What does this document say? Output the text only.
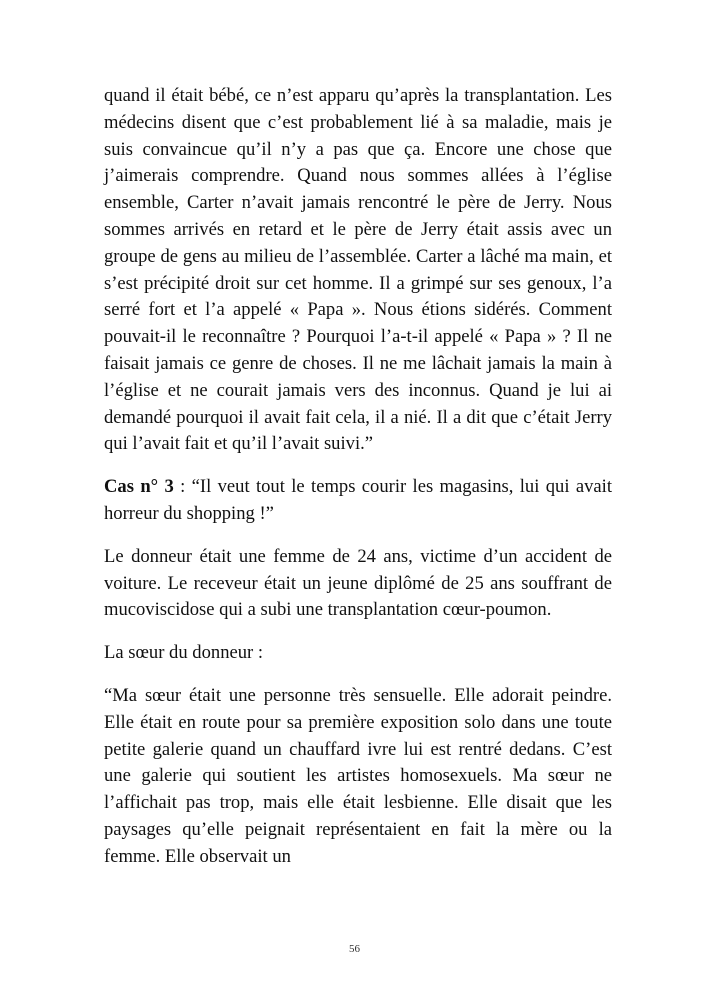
quand il était bébé, ce n’est apparu qu’après la transplantation. Les médecins disent que c’est probablement lié à sa maladie, mais je suis convaincue qu’il n’y a pas que ça. Encore une chose que j’aimerais comprendre. Quand nous sommes allées à l’église ensemble, Carter n’avait jamais rencontré le père de Jerry. Nous sommes arrivés en retard et le père de Jerry était assis avec un groupe de gens au milieu de l’assemblée. Carter a lâché ma main, et s’est précipité droit sur cet homme. Il a grimpé sur ses genoux, l’a serré fort et l’a appelé « Papa ». Nous étions sidérés. Comment pouvait-il le reconnaître ? Pourquoi l’a-t-il appelé « Papa » ? Il ne faisait jamais ce genre de choses. Il ne me lâchait jamais la main à l’église et ne courait jamais vers des inconnus. Quand je lui ai demandé pourquoi il avait fait cela, il a nié. Il a dit que c’était Jerry qui l’avait fait et qu’il l’avait suivi.”

Cas n° 3 : “Il veut tout le temps courir les magasins, lui qui avait horreur du shopping !”

Le donneur était une femme de 24 ans, victime d’un accident de voiture. Le receveur était un jeune diplômé de 25 ans souffrant de mucoviscidose qui a subi une transplantation cœur-poumon.

La sœur du donneur :

“Ma sœur était une personne très sensuelle. Elle adorait peindre. Elle était en route pour sa première exposition solo dans une toute petite galerie quand un chauffard ivre lui est rentré dedans. C’est une galerie qui soutient les artistes homosexuels. Ma sœur ne l’affichait pas trop, mais elle était lesbienne. Elle disait que les paysages qu’elle peignait représentaient en fait la mère ou la femme. Elle observait un

56
